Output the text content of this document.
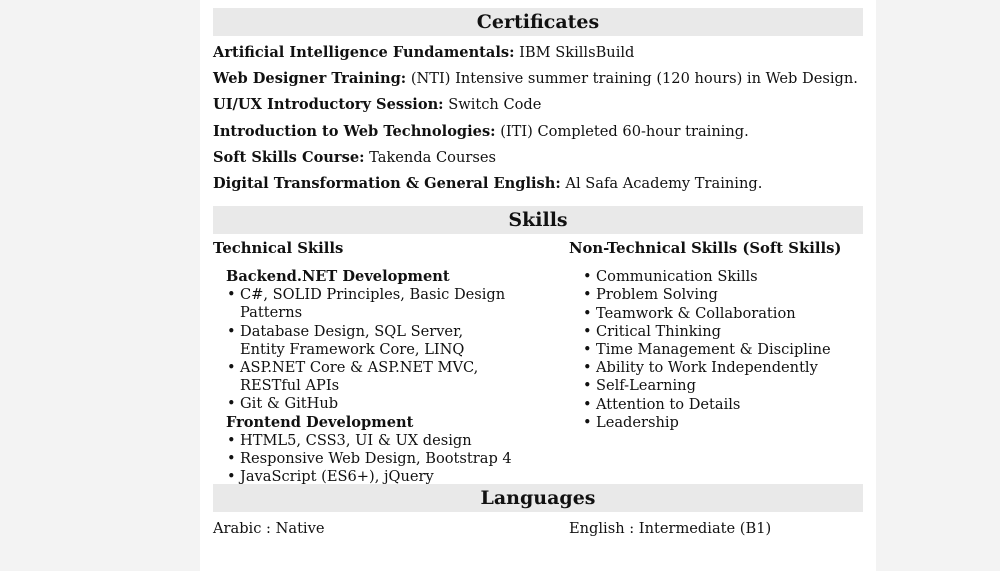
Certificates
Artificial Intelligence Fundamentals: IBM SkillsBuild
Web Designer Training: (NTI) Intensive summer training (120 hours) in Web Design.
UI/UX Introductory Session: Switch Code
Introduction to Web Technologies: (ITI) Completed 60-hour training.
Soft Skills Course: Takenda Courses
Digital Transformation & General English: Al Safa Academy Training.
Skills
Technical Skills
Backend.NET Development
• C#, SOLID Principles, Basic Design Patterns
• Database Design, SQL Server, Entity Framework Core, LINQ
• ASP.NET Core & ASP.NET MVC, RESTful APIs
• Git & GitHub
Frontend Development
• HTML5, CSS3, UI & UX design
• Responsive Web Design, Bootstrap 4
• JavaScript (ES6+), jQuery
Non-Technical Skills (Soft Skills)
• Communication Skills
• Problem Solving
• Teamwork & Collaboration
• Critical Thinking
• Time Management & Discipline
• Ability to Work Independently
• Self-Learning
• Attention to Details
• Leadership
Languages
Arabic : Native	English : Intermediate (B1)
